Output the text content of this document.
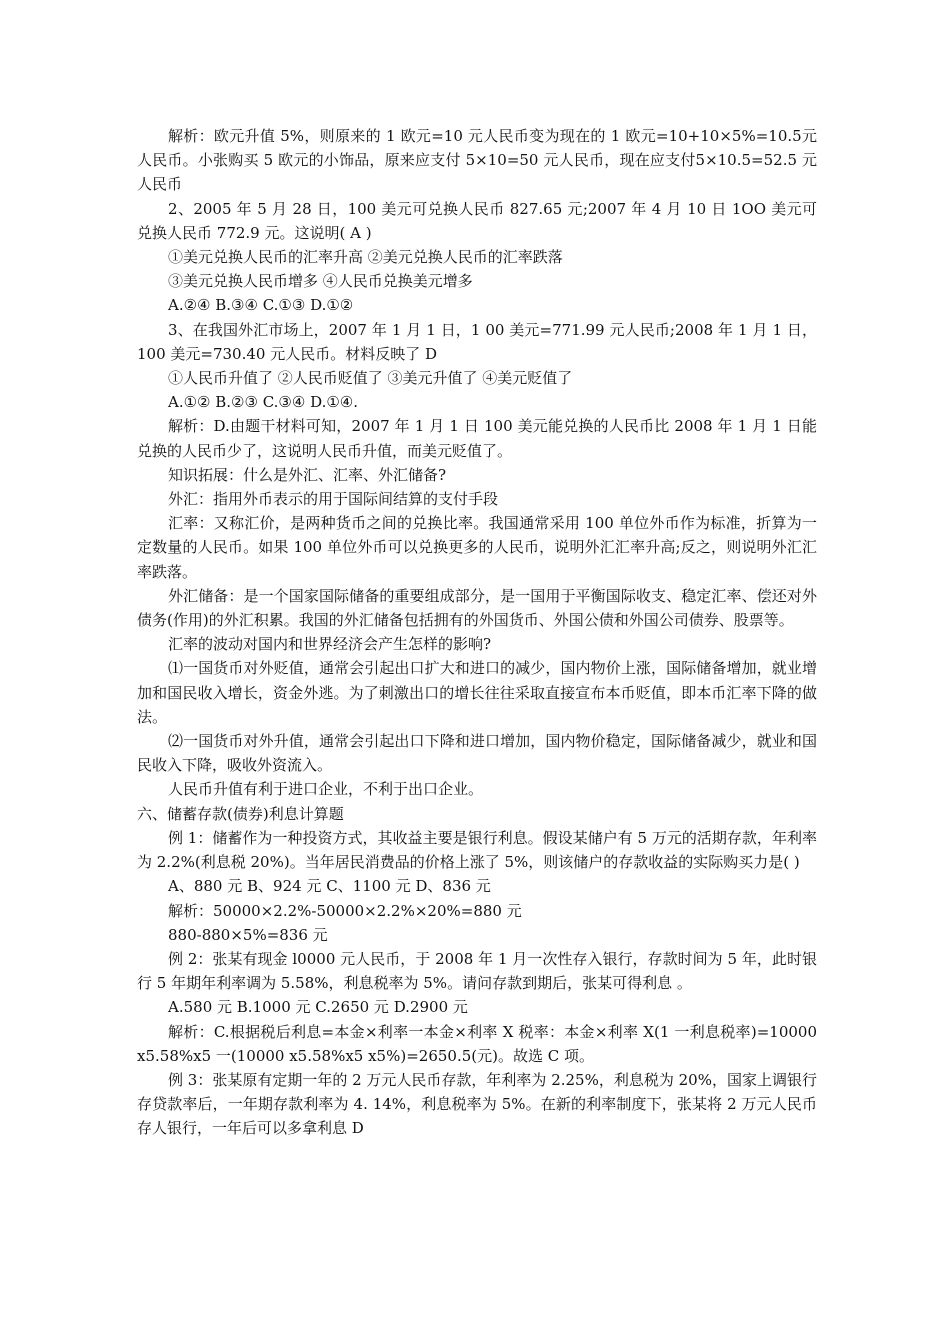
解析：欧元升值 5%，则原来的 1 欧元=10 元人民币变为现在的 1 欧元=10+10×5%=10.5元人民币。小张购买 5 欧元的小饰品，原来应支付 5×10=50 元人民币，现在应支付5×10.5=52.5 元人民币

2、2005 年 5 月 28 日，100 美元可兑换人民币 827.65 元;2007 年 4 月 10 日 1OO 美元可兑换人民币 772.9 元。这说明( A )

①美元兑换人民币的汇率升高 ②美元兑换人民币的汇率跌落

③美元兑换人民币增多 ④人民币兑换美元增多

A.②④ B.③④ C.①③ D.①②

3、在我国外汇市场上，2007 年 1 月 1 日，1 00 美元=771.99 元人民币;2008 年 1 月 1 日，100 美元=730.40 元人民币。材料反映了 D

①人民币升值了 ②人民币贬值了 ③美元升值了 ④美元贬值了

A.①② B.②③ C.③④ D.①④.

解析：D.由题干材料可知，2007 年 1 月 1 日 100 美元能兑换的人民币比 2008 年 1 月 1 日能兑换的人民币少了，这说明人民币升值，而美元贬值了。

知识拓展：什么是外汇、汇率、外汇储备?

外汇：指用外币表示的用于国际间结算的支付手段

汇率：又称汇价，是两种货币之间的兑换比率。我国通常采用 100 单位外币作为标准，折算为一定数量的人民币。如果 100 单位外币可以兑换更多的人民币，说明外汇汇率升高;反之，则说明外汇汇率跌落。

外汇储备：是一个国家国际储备的重要组成部分，是一国用于平衡国际收支、稳定汇率、偿还对外债务(作用)的外汇积累。我国的外汇储备包括拥有的外国货币、外国公债和外国公司债券、股票等。

汇率的波动对国内和世界经济会产生怎样的影响?

⑴一国货币对外贬值，通常会引起出口扩大和进口的减少，国内物价上涨，国际储备增加，就业增加和国民收入增长，资金外逃。为了刺激出口的增长往往采取直接宣布本币贬值，即本币汇率下降的做法。

⑵一国货币对外升值，通常会引起出口下降和进口增加，国内物价稳定，国际储备减少，就业和国民收入下降，吸收外资流入。

人民币升值有利于进口企业，不利于出口企业。

六、储蓄存款(债券)利息计算题

例 1：储蓄作为一种投资方式，其收益主要是银行利息。假设某储户有 5 万元的活期存款，年利率为 2.2%(利息税 20%)。当年居民消费品的价格上涨了 5%，则该储户的存款收益的实际购买力是( )

A、880 元 B、924 元 C、1100 元 D、836 元

解析：50000×2.2%-50000×2.2%×20%=880 元

880-880×5%=836 元

例 2：张某有现金 l0000 元人民币，于 2008 年 1 月一次性存入银行，存款时间为 5 年，此时银行 5 年期年利率调为 5.58%，利息税率为 5%。请问存款到期后，张某可得利息 。

A.580 元 B.1000 元 C.2650 元 D.2900 元

解析：C.根据税后利息=本金×利率一本金×利率 X 税率：本金×利率 X(1 一利息税率)=10000 x5.58%x5 一(10000 x5.58%x5 x5%)=2650.5(元)。故选 C 项。

例 3：张某原有定期一年的 2 万元人民币存款，年利率为 2.25%，利息税为 20%，国家上调银行存贷款率后，一年期存款利率为 4. 14%，利息税率为 5%。在新的利率制度下，张某将 2 万元人民币存人银行，一年后可以多拿利息 D
